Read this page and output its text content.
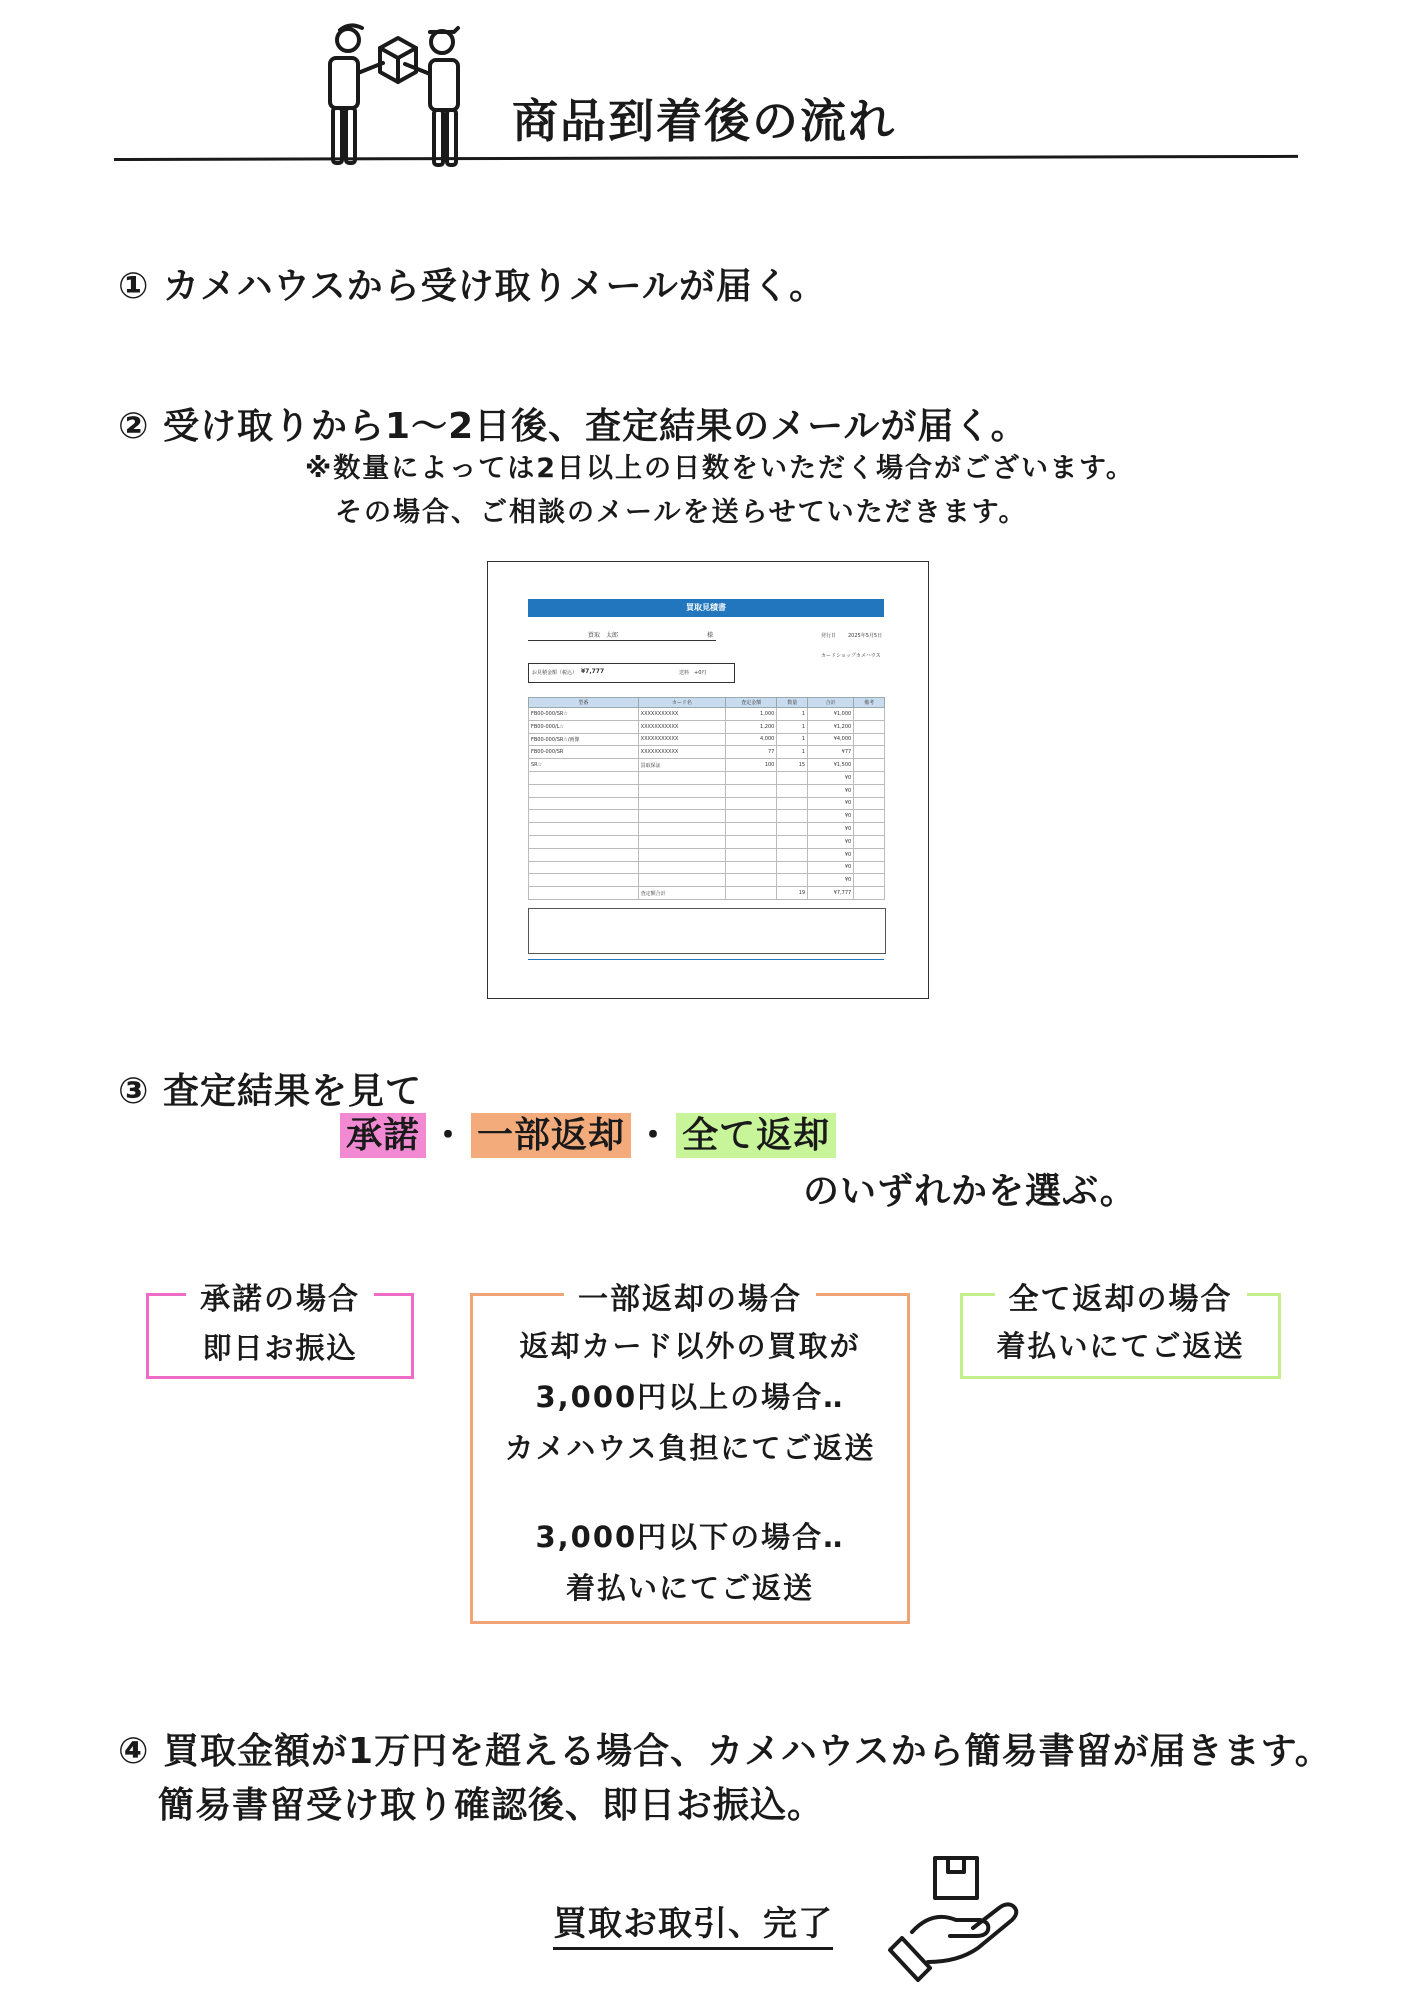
商品到着後の流れ
① カメハウスから受け取りメールが届く。
② 受け取りから1〜2日後、査定結果のメールが届く。
※数量によっては2日以上の日数をいただく場合がございます。
その場合、ご相談のメールを送らせていただきます。
買取見積書
買取　太郎	様	発行日 2025年5月5日
カードショップカメハウス
お見積金額（税込） ¥7,777	送料　+0円
型番	カード名	査定金額	数量	合計	備考
FB00-000/SR☆	XXXXXXXXXXX	1,000	1	¥1,000	
FB00-000/L☆	XXXXXXXXXXX	1,200	1	¥1,200	
FB00-000/SR☆/画像	XXXXXXXXXXX	4,000	1	¥4,000	
FB00-000/SR	XXXXXXXXXXX	77	1	¥77	
SR☆	買取保証	100	15	¥1,500	
				¥0	
				¥0	
				¥0	
				¥0	
				¥0	
				¥0	
				¥0	
				¥0	
				¥0	
	査定額合計		19	¥7,777	
③ 査定結果を見て
承諾 ・ 一部返却 ・ 全て返却
のいずれかを選ぶ。
承諾の場合
即日お振込
一部返却の場合
返却カード以外の買取が
3,000円以上の場合‥
カメハウス負担にてご返送
3,000円以下の場合‥
着払いにてご返送
全て返却の場合
着払いにてご返送
④ 買取金額が1万円を超える場合、カメハウスから簡易書留が届きます。
簡易書留受け取り確認後、即日お振込。
買取お取引、完了
